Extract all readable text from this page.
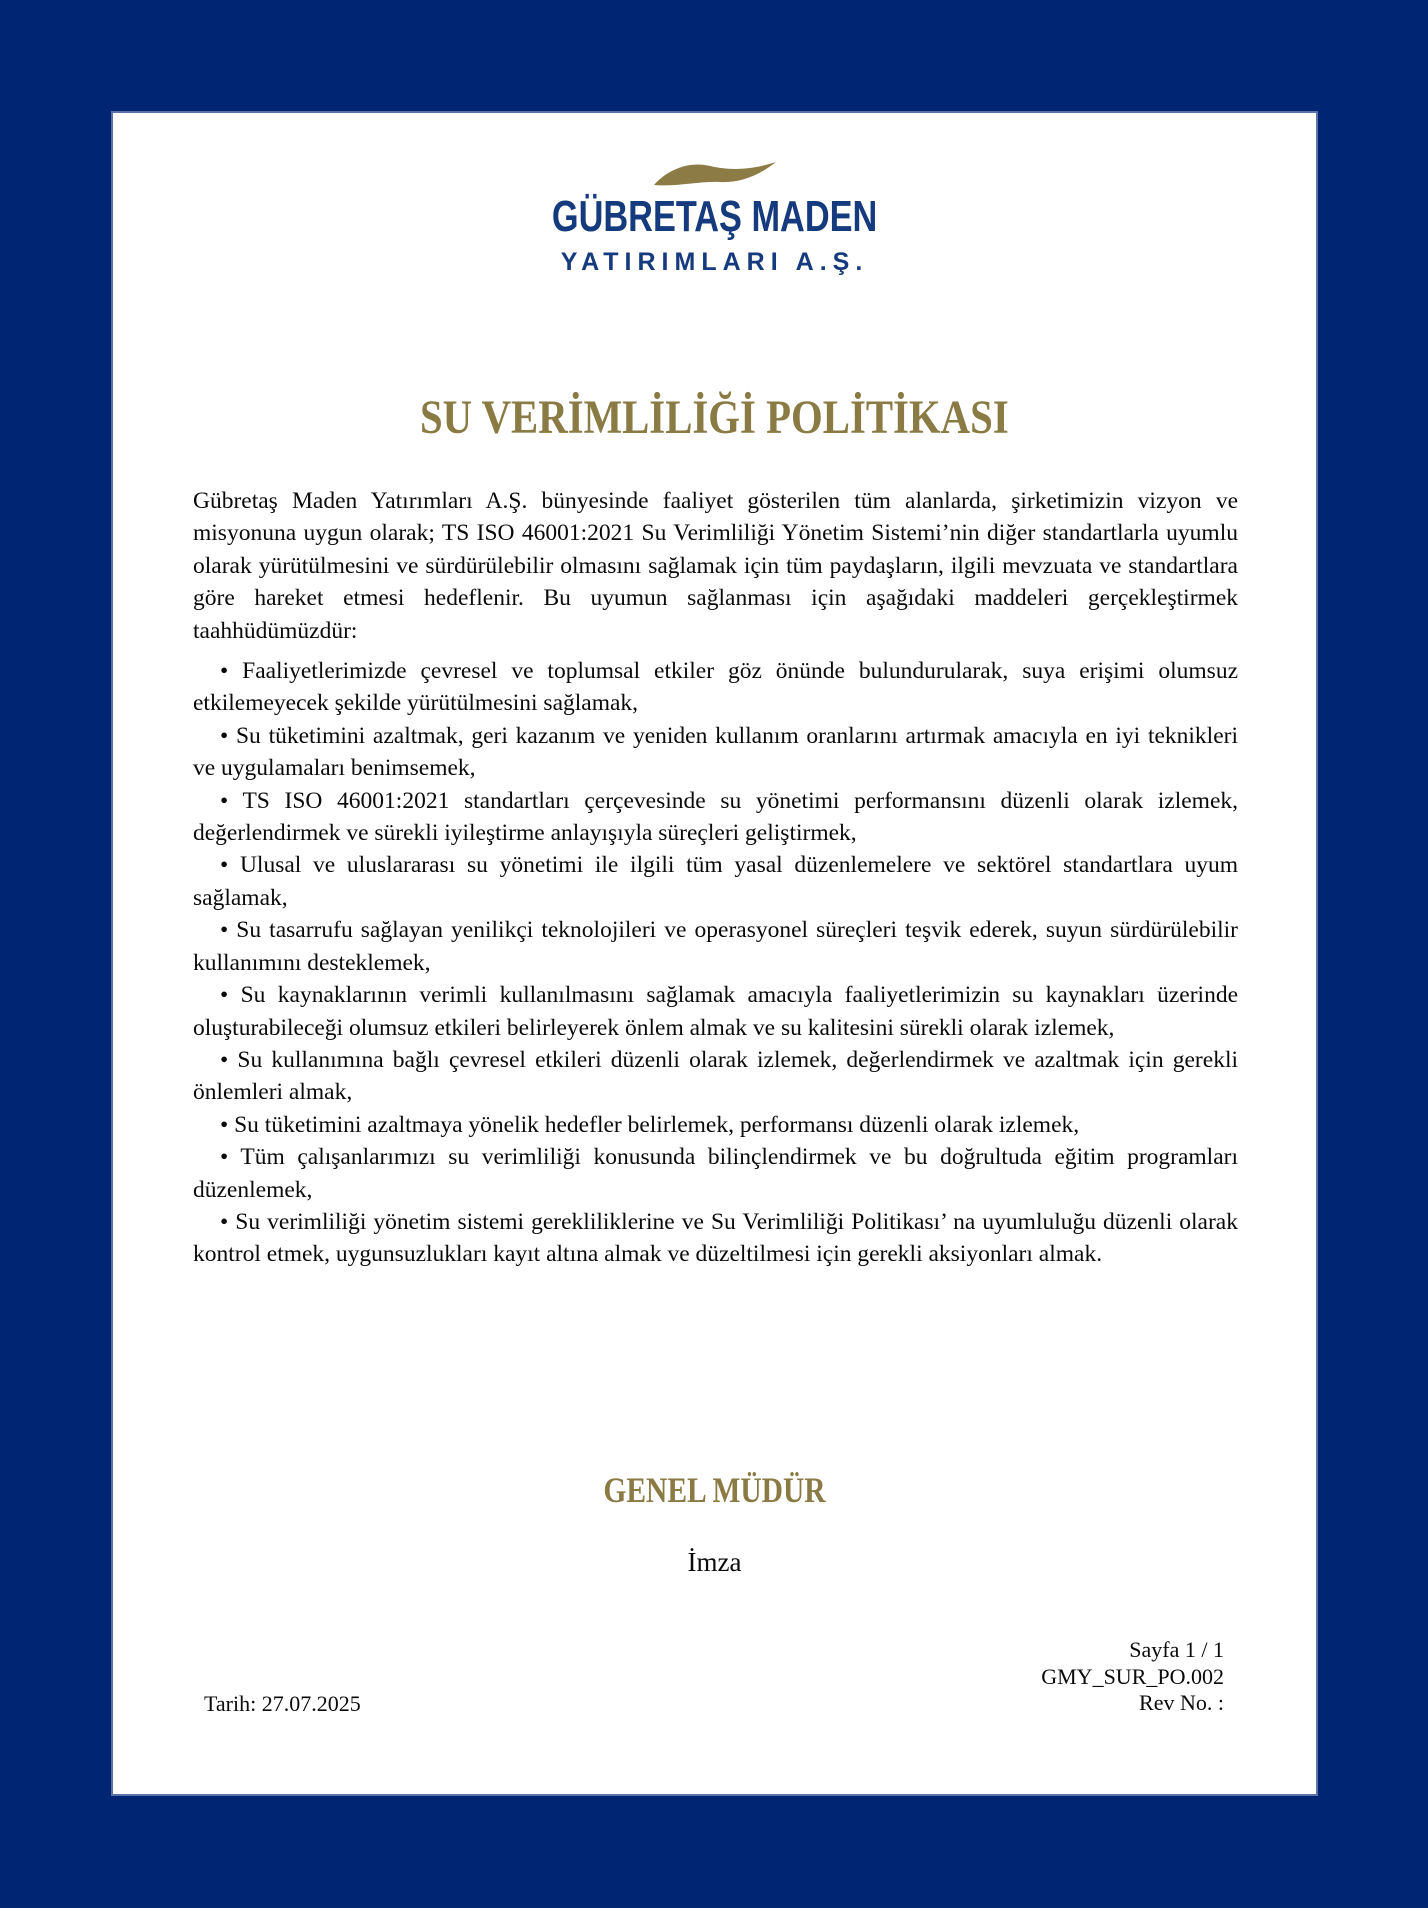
GÜBRETAŞ MADEN
YATIRIMLARI A.Ş.
SU VERİMLİLİĞİ POLİTİKASI

Gübretaş Maden Yatırımları A.Ş. bünyesinde faaliyet gösterilen tüm alanlarda, şirketimizin vizyon ve misyonuna uygun olarak; TS ISO 46001:2021 Su Verimliliği Yönetim Sistemi’nin diğer standartlarla uyumlu olarak yürütülmesini ve sürdürülebilir olmasını sağlamak için tüm paydaşların, ilgili mevzuata ve standartlara göre hareket etmesi hedeflenir. Bu uyumun sağlanması için aşağıdaki maddeleri gerçekleştirmek taahhüdümüzdür:

• Faaliyetlerimizde çevresel ve toplumsal etkiler göz önünde bulundurularak, suya erişimi olumsuz etkilemeyecek şekilde yürütülmesini sağlamak,

• Su tüketimini azaltmak, geri kazanım ve yeniden kullanım oranlarını artırmak amacıyla en iyi teknikleri ve uygulamaları benimsemek,

• TS ISO 46001:2021 standartları çerçevesinde su yönetimi performansını düzenli olarak izlemek, değerlendirmek ve sürekli iyileştirme anlayışıyla süreçleri geliştirmek,

• Ulusal ve uluslararası su yönetimi ile ilgili tüm yasal düzenlemelere ve sektörel standartlara uyum sağlamak,

• Su tasarrufu sağlayan yenilikçi teknolojileri ve operasyonel süreçleri teşvik ederek, suyun sürdürülebilir kullanımını desteklemek,

• Su kaynaklarının verimli kullanılmasını sağlamak amacıyla faaliyetlerimizin su kaynakları üzerinde oluşturabileceği olumsuz etkileri belirleyerek önlem almak ve su kalitesini sürekli olarak izlemek,

• Su kullanımına bağlı çevresel etkileri düzenli olarak izlemek, değerlendirmek ve azaltmak için gerekli önlemleri almak,

• Su tüketimini azaltmaya yönelik hedefler belirlemek, performansı düzenli olarak izlemek,

• Tüm çalışanlarımızı su verimliliği konusunda bilinçlendirmek ve bu doğrultuda eğitim programları düzenlemek,

• Su verimliliği yönetim sistemi gerekliliklerine ve Su Verimliliği Politikası’ na uyumluluğu düzenli olarak kontrol etmek, uygunsuzlukları kayıt altına almak ve düzeltilmesi için gerekli aksiyonları almak.

GENEL MÜDÜR
İmza
Sayfa 1 / 1
GMY_SUR_PO.002
Rev No. :
Tarih: 27.07.2025
